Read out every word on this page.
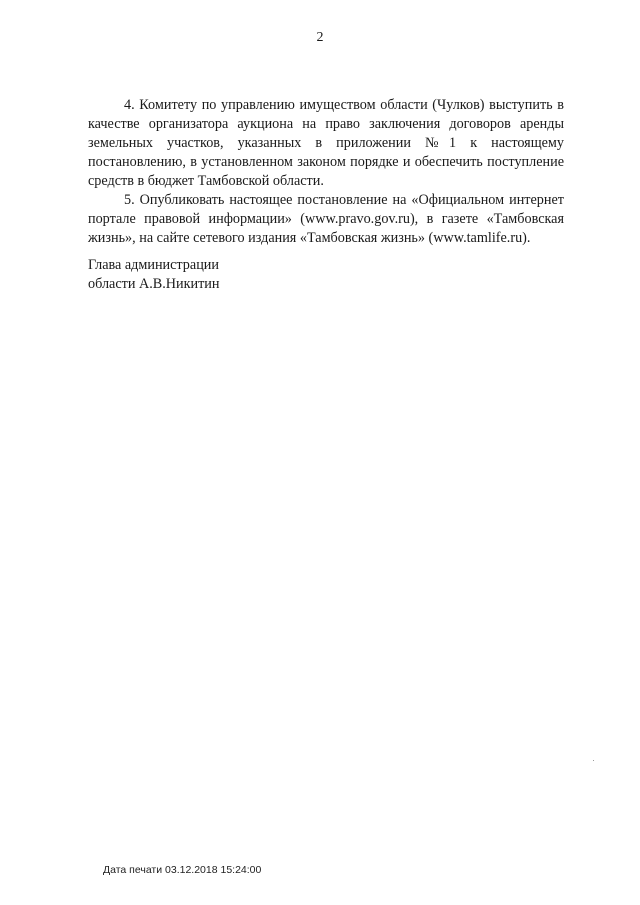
2

4. Комитету по управлению имуществом области (Чулков) выступить в качестве организатора аукциона на право заключения договоров аренды земельных участков, указанных в приложении №1 к настоящему постановлению, в установленном законом порядке и обеспечить поступление средств в бюджет Тамбовской области.

5. Опубликовать настоящее постановление на «Официальном интернет портале правовой информации» (www.pravo.gov.ru), в газете «Тамбовская жизнь», на сайте сетевого издания «Тамбовская жизнь» (www.tamlife.ru).

Глава администрации
области А.В.Никитин
Дата печати 03.12.2018 15:24:00
